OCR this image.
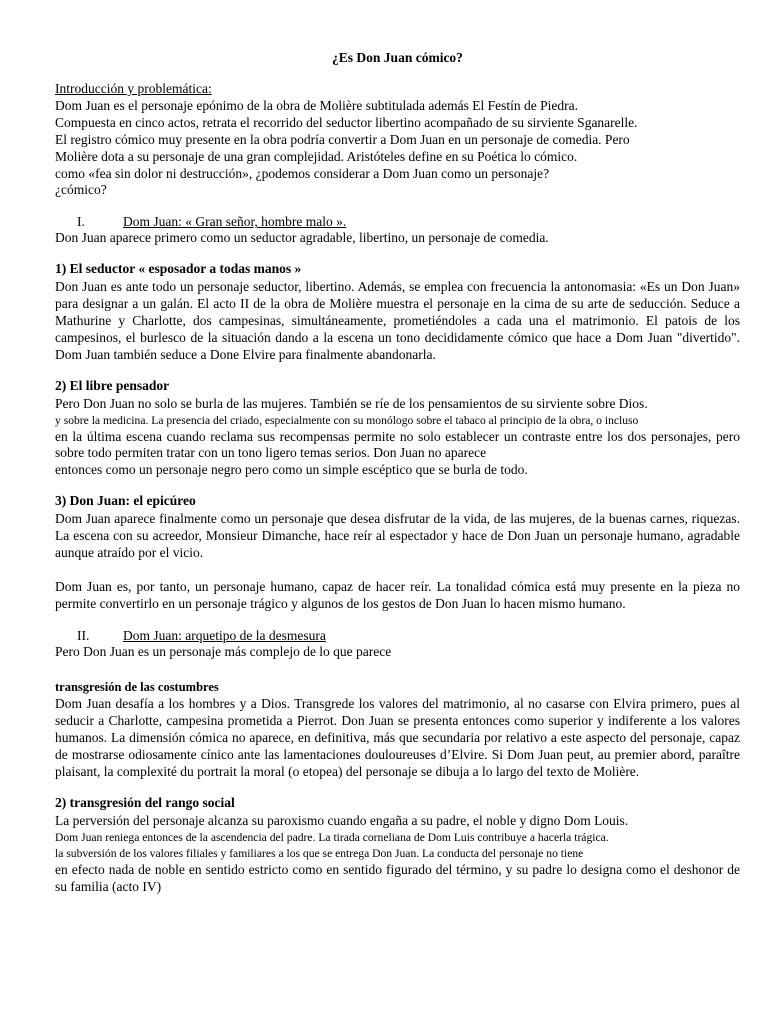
¿Es Don Juan cómico?

Introducción y problemática:

Dom Juan es el personaje epónimo de la obra de Molière subtitulada además El Festín de Piedra.

Compuesta en cinco actos, retrata el recorrido del seductor libertino acompañado de su sirviente Sganarelle.

El registro cómico muy presente en la obra podría convertir a Dom Juan en un personaje de comedia. Pero

Molière dota a su personaje de una gran complejidad. Aristóteles define en su Poética lo cómico.

como «fea sin dolor ni destrucción», ¿podemos considerar a Dom Juan como un personaje?

¿cómico?

I.	Dom Juan: « Gran señor, hombre malo ».

Don Juan aparece primero como un seductor agradable, libertino, un personaje de comedia.

1) El seductor « esposador a todas manos »

Don Juan es ante todo un personaje seductor, libertino. Además, se emplea con frecuencia la antonomasia: «Es un Don Juan» para designar a un galán. El acto II de la obra de Molière muestra el personaje en la cima de su arte de seducción. Seduce a Mathurine y Charlotte, dos campesinas, simultáneamente, prometiéndoles a cada una el matrimonio. El patois de los campesinos, el burlesco de la situación dando a la escena un tono decididamente cómico que hace a Dom Juan "divertido". Dom Juan también seduce a Done Elvire para finalmente abandonarla.

2) El libre pensador

Pero Don Juan no solo se burla de las mujeres. También se ríe de los pensamientos de su sirviente sobre Dios.

y sobre la medicina. La presencia del criado, especialmente con su monólogo sobre el tabaco al principio de la obra, o incluso

en la última escena cuando reclama sus recompensas permite no solo establecer un contraste entre los dos personajes, pero sobre todo permiten tratar con un tono ligero temas serios. Don Juan no aparece

entonces como un personaje negro pero como un simple escéptico que se burla de todo.

3) Don Juan: el epicúreo

Dom Juan aparece finalmente como un personaje que desea disfrutar de la vida, de las mujeres, de la buenas carnes, riquezas. La escena con su acreedor, Monsieur Dimanche, hace reír al espectador y hace de Don Juan un personaje humano, agradable aunque atraído por el vicio.

Dom Juan es, por tanto, un personaje humano, capaz de hacer reír. La tonalidad cómica está muy presente en la pieza no permite convertirlo en un personaje trágico y algunos de los gestos de Don Juan lo hacen mismo humano.

II. Dom Juan: arquetipo de la desmesura

Pero Don Juan es un personaje más complejo de lo que parece

transgresión de las costumbres

Dom Juan desafía a los hombres y a Dios. Transgrede los valores del matrimonio, al no casarse con Elvira primero, pues al seducir a Charlotte, campesina prometida a Pierrot. Don Juan se presenta entonces como superior y indiferente a los valores humanos. La dimensión cómica no aparece, en definitiva, más que secundaria por relativo a este aspecto del personaje, capaz de mostrarse odiosamente cínico ante las lamentaciones douloureuses d’Elvire. Si Dom Juan peut, au premier abord, paraître plaisant, la complexité du portrait la moral (o etopea) del personaje se dibuja a lo largo del texto de Molière.

2) transgresión del rango social

La perversión del personaje alcanza su paroxismo cuando engaña a su padre, el noble y digno Dom Louis.

Dom Juan reniega entonces de la ascendencia del padre. La tirada corneliana de Dom Luis contribuye a hacerla trágica.

la subversión de los valores filiales y familiares a los que se entrega Don Juan. La conducta del personaje no tiene

en efecto nada de noble en sentido estricto como en sentido figurado del término, y su padre lo designa como el deshonor de su familia (acto IV)
